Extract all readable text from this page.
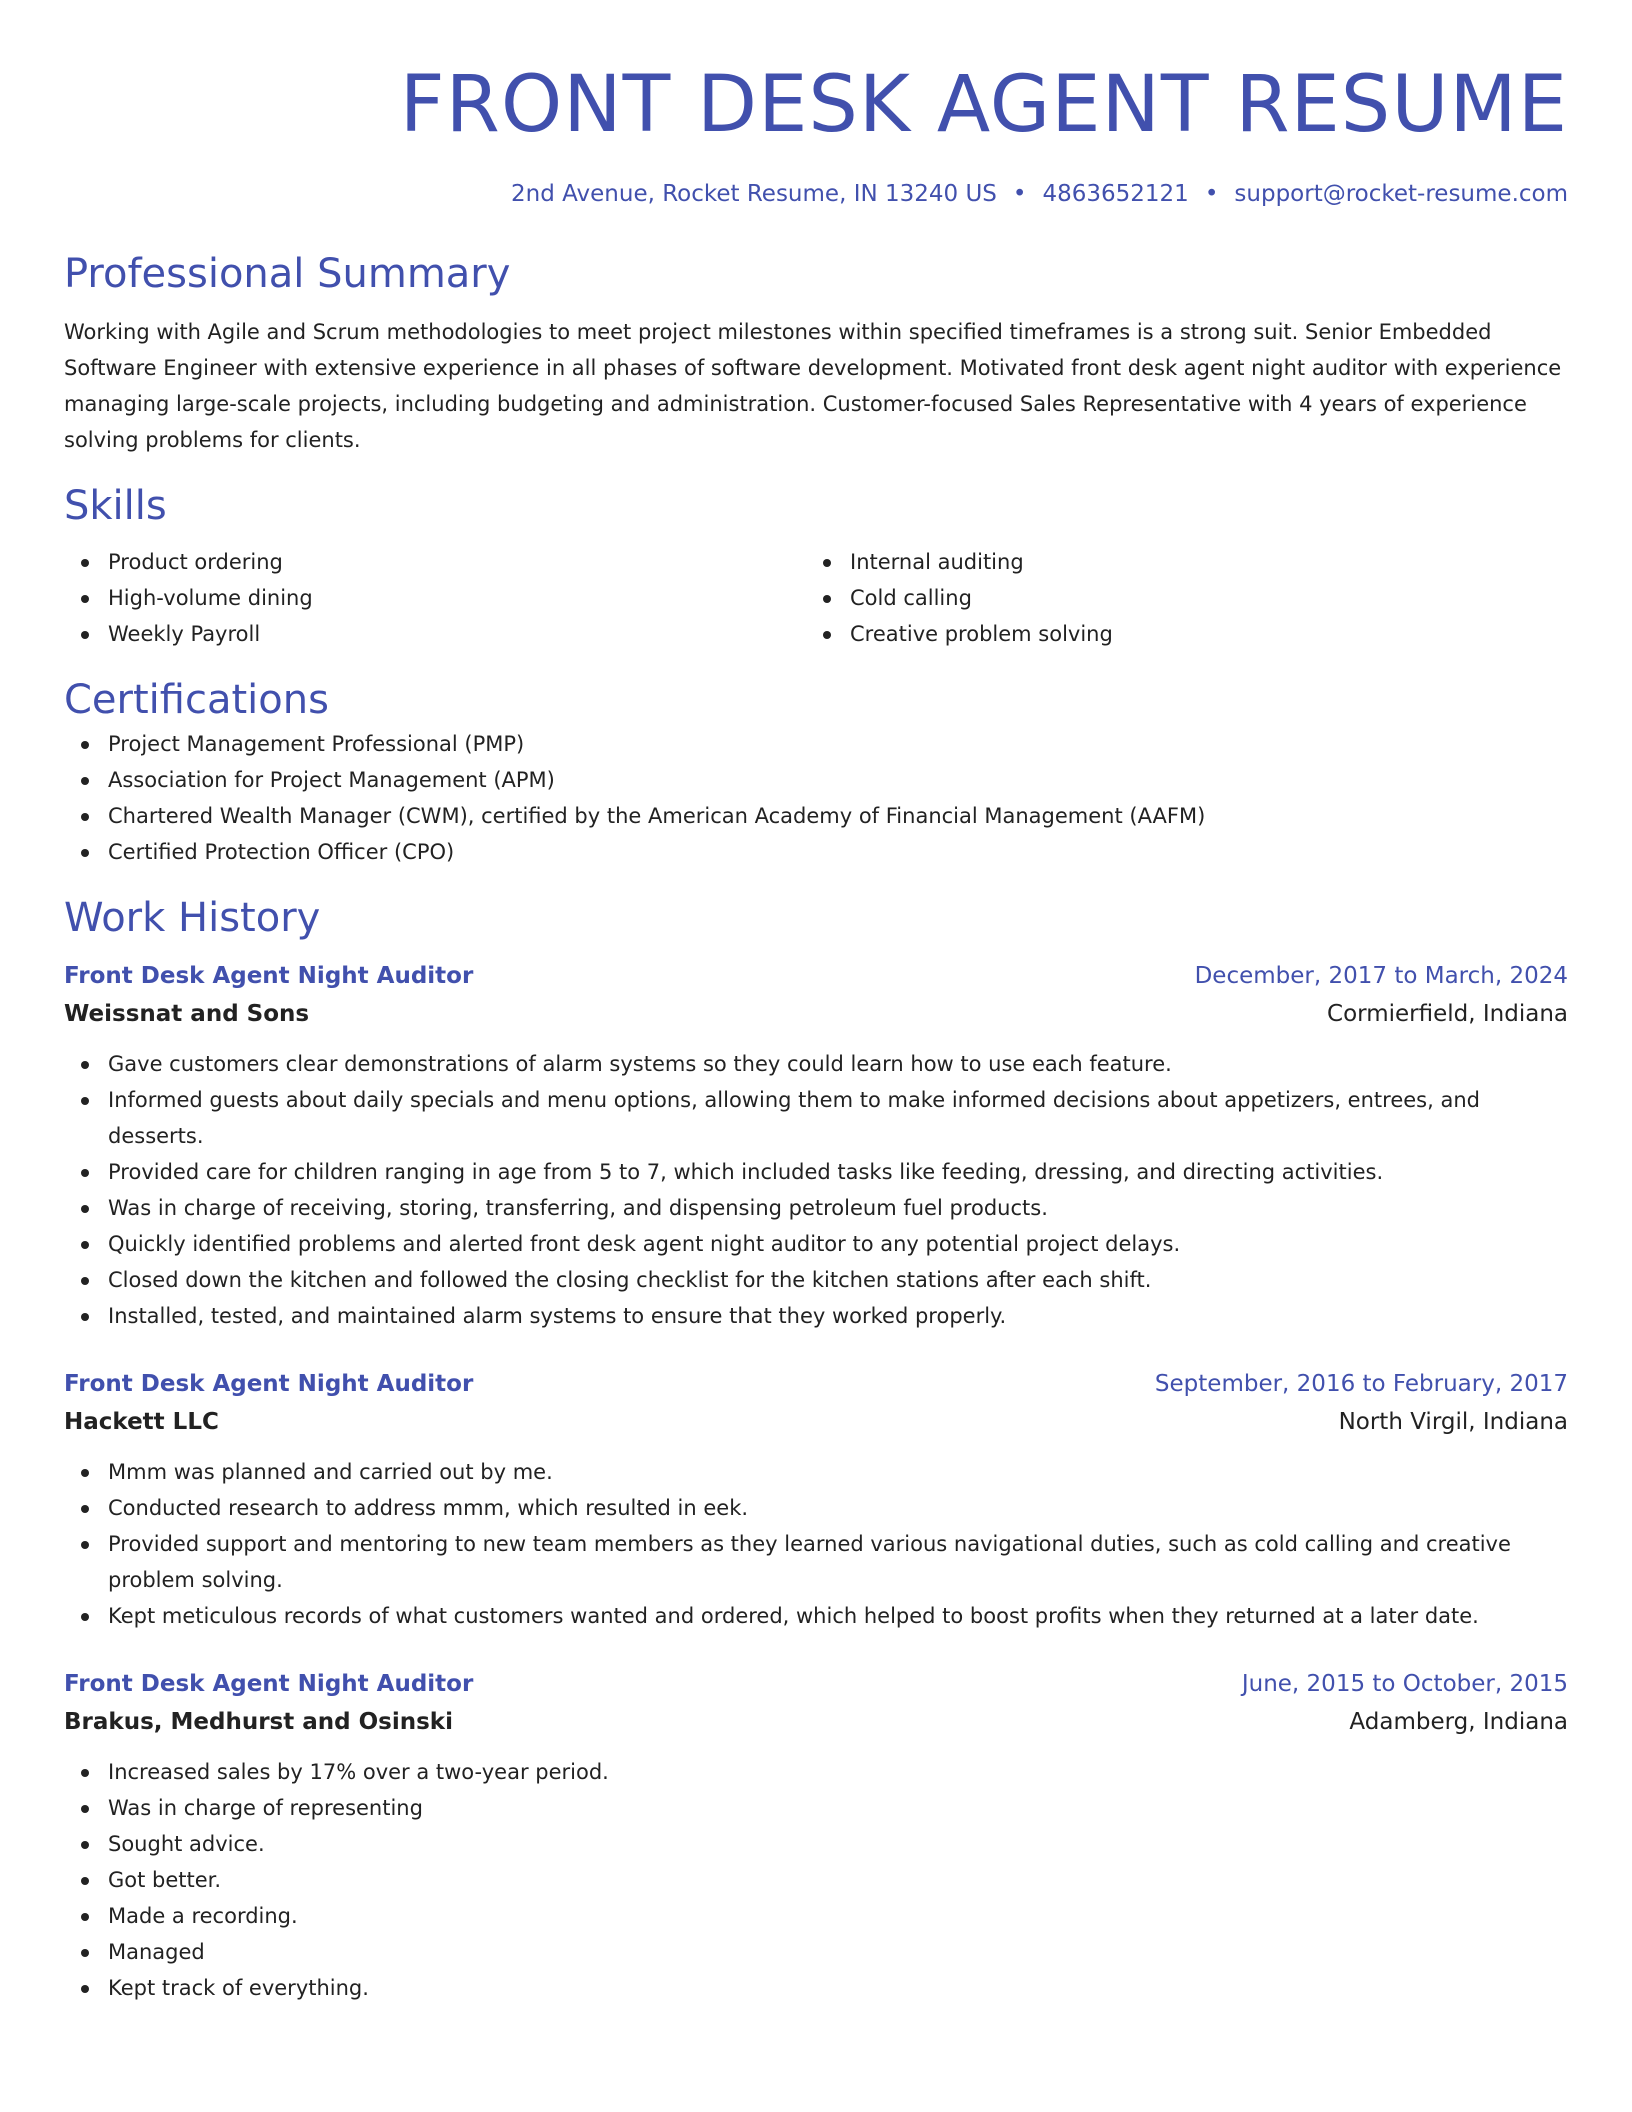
FRONT DESK AGENT RESUME
2nd Avenue, Rocket Resume, IN 13240 US • 4863652121 • support@rocket-resume.com
Professional Summary
Working with Agile and Scrum methodologies to meet project milestones within specified timeframes is a strong suit. Senior Embedded Software Engineer with extensive experience in all phases of software development. Motivated front desk agent night auditor with experience managing large-scale projects, including budgeting and administration. Customer-focused Sales Representative with 4 years of experience solving problems for clients.
Skills
Product ordering
High-volume dining
Weekly Payroll
Internal auditing
Cold calling
Creative problem solving
Certifications
Project Management Professional (PMP)
Association for Project Management (APM)
Chartered Wealth Manager (CWM), certified by the American Academy of Financial Management (AAFM)
Certified Protection Officer (CPO)
Work History
Front Desk Agent Night Auditor	December, 2017 to March, 2024
Weissnat and Sons	Cormierfield, Indiana
Gave customers clear demonstrations of alarm systems so they could learn how to use each feature.
Informed guests about daily specials and menu options, allowing them to make informed decisions about appetizers, entrees, and desserts.
Provided care for children ranging in age from 5 to 7, which included tasks like feeding, dressing, and directing activities.
Was in charge of receiving, storing, transferring, and dispensing petroleum fuel products.
Quickly identified problems and alerted front desk agent night auditor to any potential project delays.
Closed down the kitchen and followed the closing checklist for the kitchen stations after each shift.
Installed, tested, and maintained alarm systems to ensure that they worked properly.
Front Desk Agent Night Auditor	September, 2016 to February, 2017
Hackett LLC	North Virgil, Indiana
Mmm was planned and carried out by me.
Conducted research to address mmm, which resulted in eek.
Provided support and mentoring to new team members as they learned various navigational duties, such as cold calling and creative problem solving.
Kept meticulous records of what customers wanted and ordered, which helped to boost profits when they returned at a later date.
Front Desk Agent Night Auditor	June, 2015 to October, 2015
Brakus, Medhurst and Osinski	Adamberg, Indiana
Increased sales by 17% over a two-year period.
Was in charge of representing
Sought advice.
Got better.
Made a recording.
Managed
Kept track of everything.
